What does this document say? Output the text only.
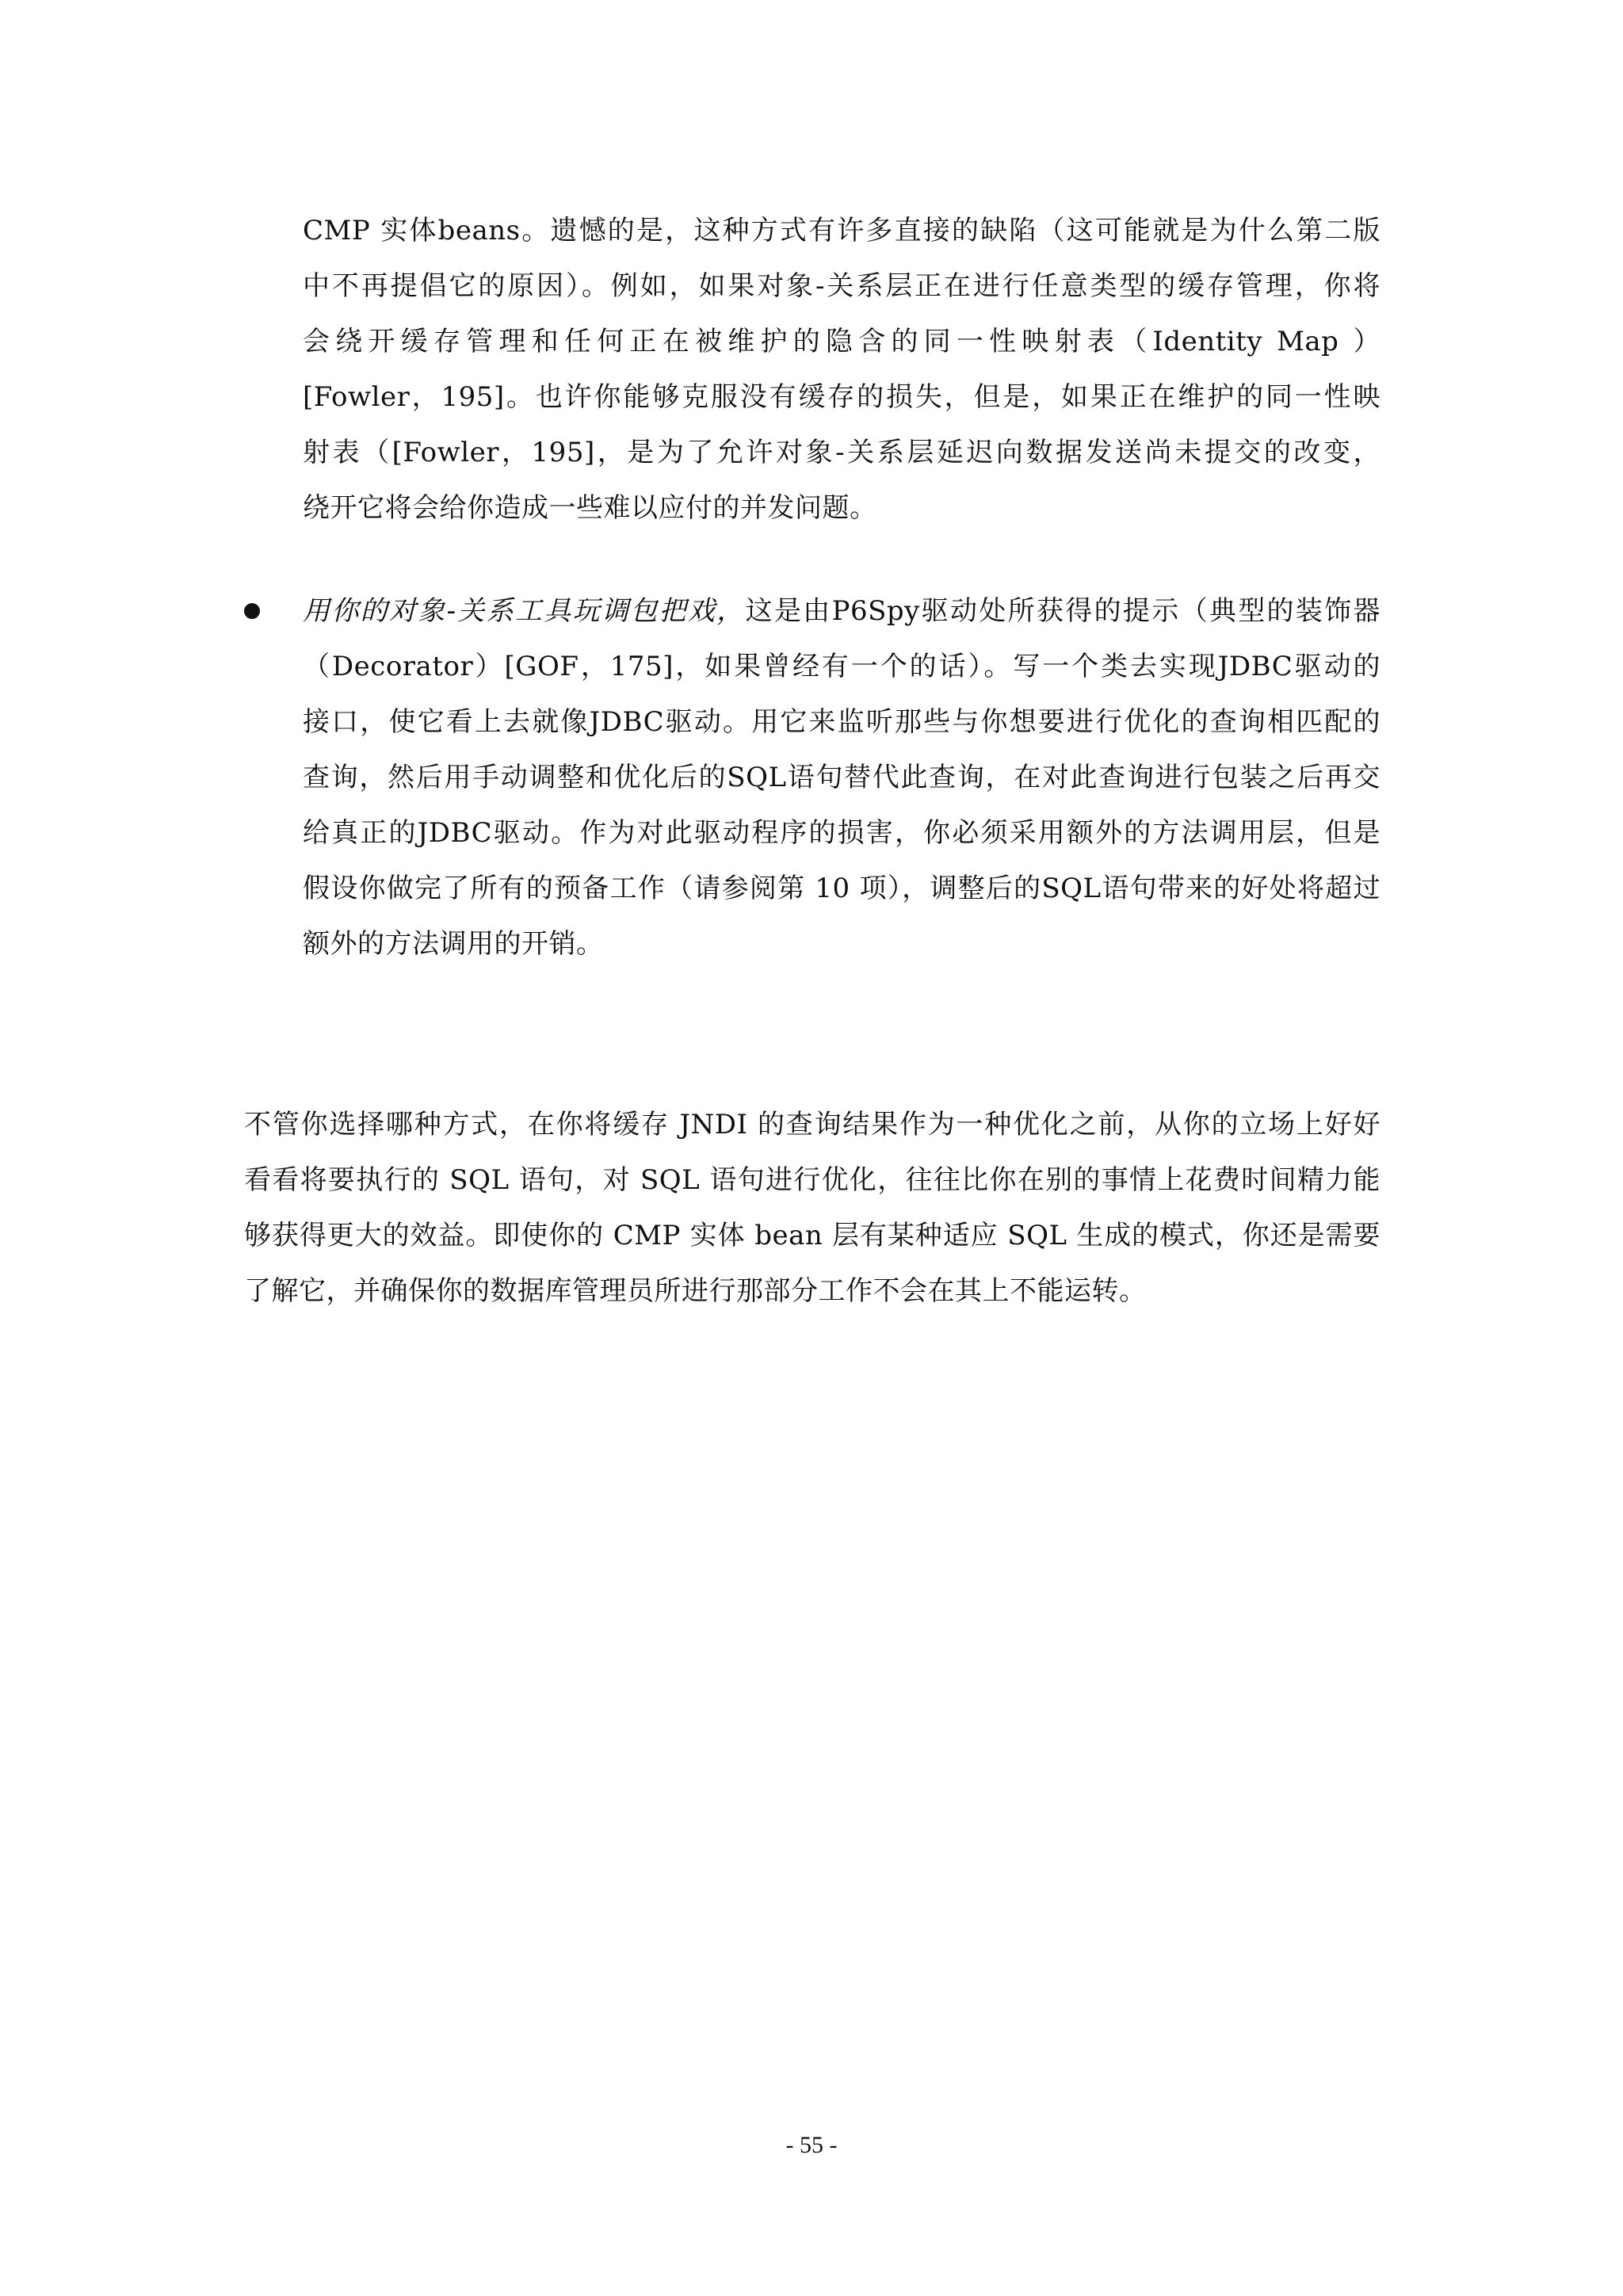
CMP 实体beans。遗憾的是，这种方式有许多直接的缺陷（这可能就是为什么第二版
中不再提倡它的原因）。例如，如果对象-关系层正在进行任意类型的缓存管理，你将
会绕开缓存管理和任何正在被维护的隐含的同一性映射表（Identity Map ）
[Fowler，195]。也许你能够克服没有缓存的损失，但是，如果正在维护的同一性映
射表（[Fowler，195]，是为了允许对象-关系层延迟向数据发送尚未提交的改变，
绕开它将会给你造成一些难以应付的并发问题。
用你的对象-关系工具玩调包把戏，这是由P6Spy驱动处所获得的提示（典型的装饰器
（Decorator）[GOF，175]，如果曾经有一个的话）。写一个类去实现JDBC驱动的
接口，使它看上去就像JDBC驱动。用它来监听那些与你想要进行优化的查询相匹配的
查询，然后用手动调整和优化后的SQL语句替代此查询，在对此查询进行包装之后再交
给真正的JDBC驱动。作为对此驱动程序的损害，你必须采用额外的方法调用层，但是
假设你做完了所有的预备工作（请参阅第 10 项），调整后的SQL语句带来的好处将超过
额外的方法调用的开销。
不管你选择哪种方式，在你将缓存 JNDI 的查询结果作为一种优化之前，从你的立场上好好
看看将要执行的 SQL 语句，对 SQL 语句进行优化，往往比你在别的事情上花费时间精力能
够获得更大的效益。即使你的 CMP 实体 bean 层有某种适应 SQL 生成的模式，你还是需要
了解它，并确保你的数据库管理员所进行那部分工作不会在其上不能运转。
- 55 -
